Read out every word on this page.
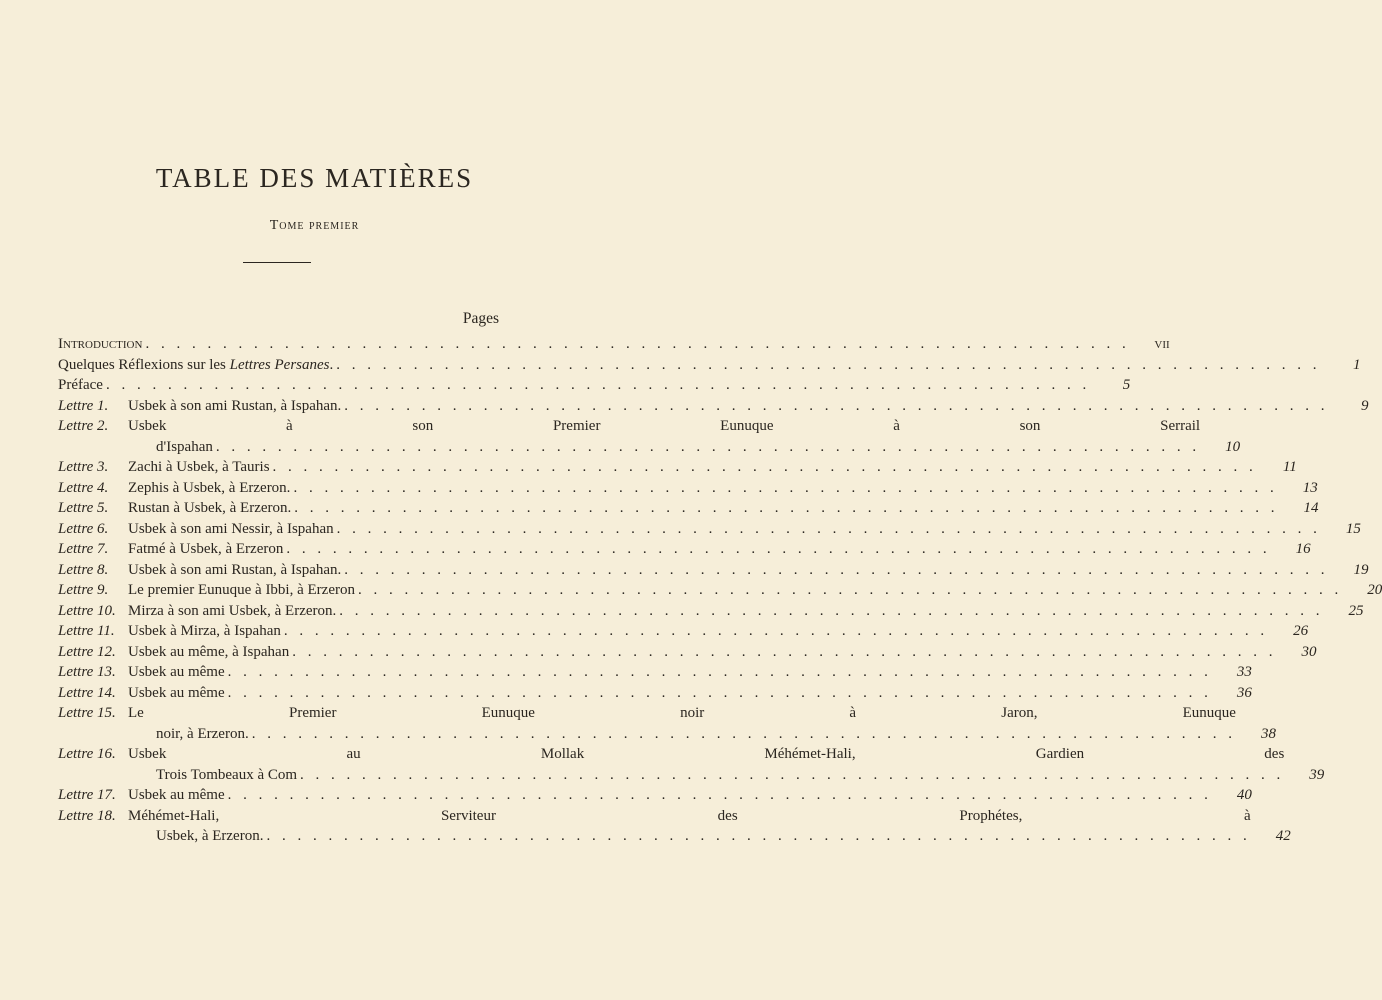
TABLE DES MATIÈRES
Tome premier
Pages
Introduction . . .	vii
Quelques Réflexions sur les Lettres Persanes. . . .	1
Préface . . .	5
Lettre 1.	Usbek à son ami Rustan, à Ispahan. . . .	9
Lettre 2.	Usbek à son Premier Eunuque à son Serrail
d'Ispahan . . .	10
Lettre 3.	Zachi à Usbek, à Tauris . . .	11
Lettre 4.	Zephis à Usbek, à Erzeron. . . .	13
Lettre 5.	Rustan à Usbek, à Erzeron. . . .	14
Lettre 6.	Usbek à son ami Nessir, à Ispahan . . .	15
Lettre 7.	Fatmé à Usbek, à Erzeron . . .	16
Lettre 8.	Usbek à son ami Rustan, à Ispahan. . . .	19
Lettre 9.	Le premier Eunuque à Ibbi, à Erzeron . . .	20
Lettre 10. Mirza à son ami Usbek, à Erzeron. . . .	25
Lettre 11. Usbek à Mirza, à Ispahan . . .	26
Lettre 12. Usbek au même, à Ispahan . . .	30
Lettre 13. Usbek au même . . .	33
Lettre 14. Usbek au même . . .	36
Lettre 15. Le Premier Eunuque noir à Jaron, Eunuque
noir, à Erzeron. . . .	38
Lettre 16. Usbek au Mollak Méhémet-Hali, Gardien des
Trois Tombeaux à Com . . .	39
Lettre 17. Usbek au même . . .	40
Lettre 18. Méhémet-Hali, Serviteur des Prophétes, à
Usbek, à Erzeron. . . .	42
